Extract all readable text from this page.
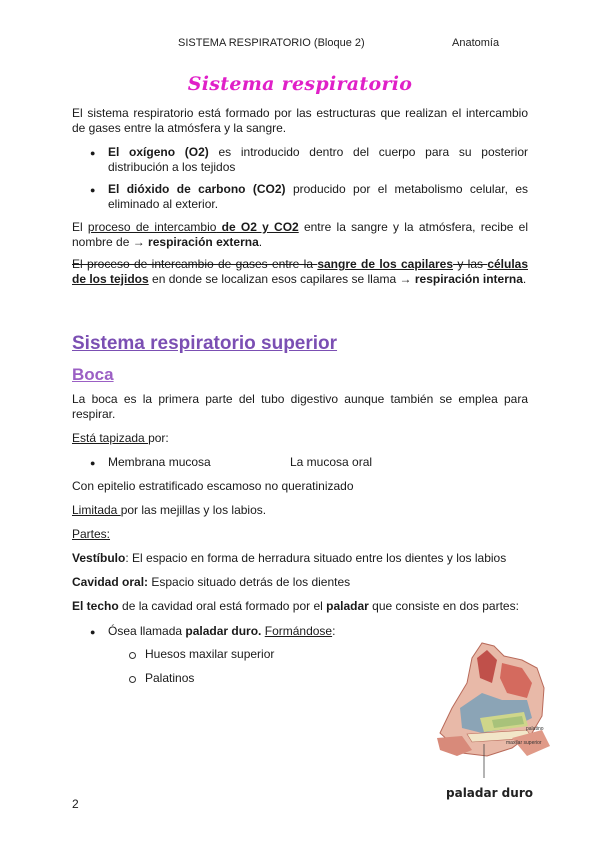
SISTEMA RESPIRATORIO (Bloque 2)	Anatomía
Sistema respiratorio
El sistema respiratorio está formado por las estructuras que realizan el intercambio de gases entre la atmósfera y la sangre.
● El oxígeno (O2) es introducido dentro del cuerpo para su posterior distribución a los tejidos
● El dióxido de carbono (CO2) producido por el metabolismo celular, es eliminado al exterior.
El proceso de intercambio de O2 y CO2 entre la sangre y la atmósfera, recibe el nombre de → respiración externa.
El proceso de intercambio de gases entre la sangre de los capilares y las células de los tejidos en donde se localizan esos capilares se llama → respiración interna.
Sistema respiratorio superior
Boca
La boca es la primera parte del tubo digestivo aunque también se emplea para respirar.
Está tapizada por:
● Membrana mucosa	La mucosa oral
Con epitelio estratificado escamoso no queratinizado
Limitada por las mejillas y los labios.
Partes:
Vestíbulo: El espacio en forma de herradura situado entre los dientes y los labios
Cavidad oral: Espacio situado detrás de los dientes
El techo de la cavidad oral está formado por el paladar que consiste en dos partes:
● Ósea llamada paladar duro. Formándose:
Huesos maxilar superior
Palatinos
palatino
maxilar superior
paladar duro
2
